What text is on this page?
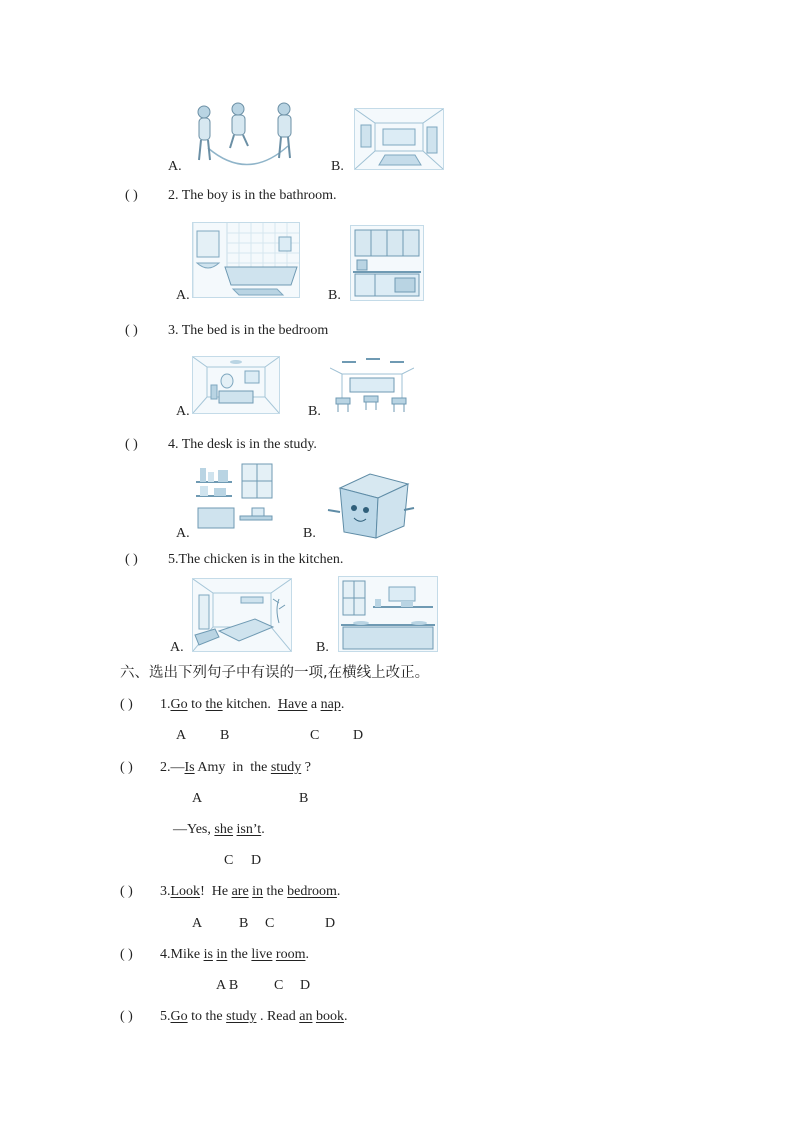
A.	B.
( ) 2. The boy is in the bathroom.
A.	B.
( ) 3. The bed is in the bedroom
A.	B.
( ) 4. The desk is in the study.
A.	B.
( ) 5.The chicken is in the kitchen.
A.	B.
六、选出下列句子中有误的一项,在横线上改正。
( ) 1.Go to the kitchen.  Have a nap.
A B	C D
( ) 2.—Is Amy  in  the study ?
A	B
—Yes, she isn’t.
C D
( ) 3.Look!  He are in the bedroom.
A	B C	D
( ) 4.Mike is in the live room.
A B	C D
( ) 5.Go to the study . Read an book.
